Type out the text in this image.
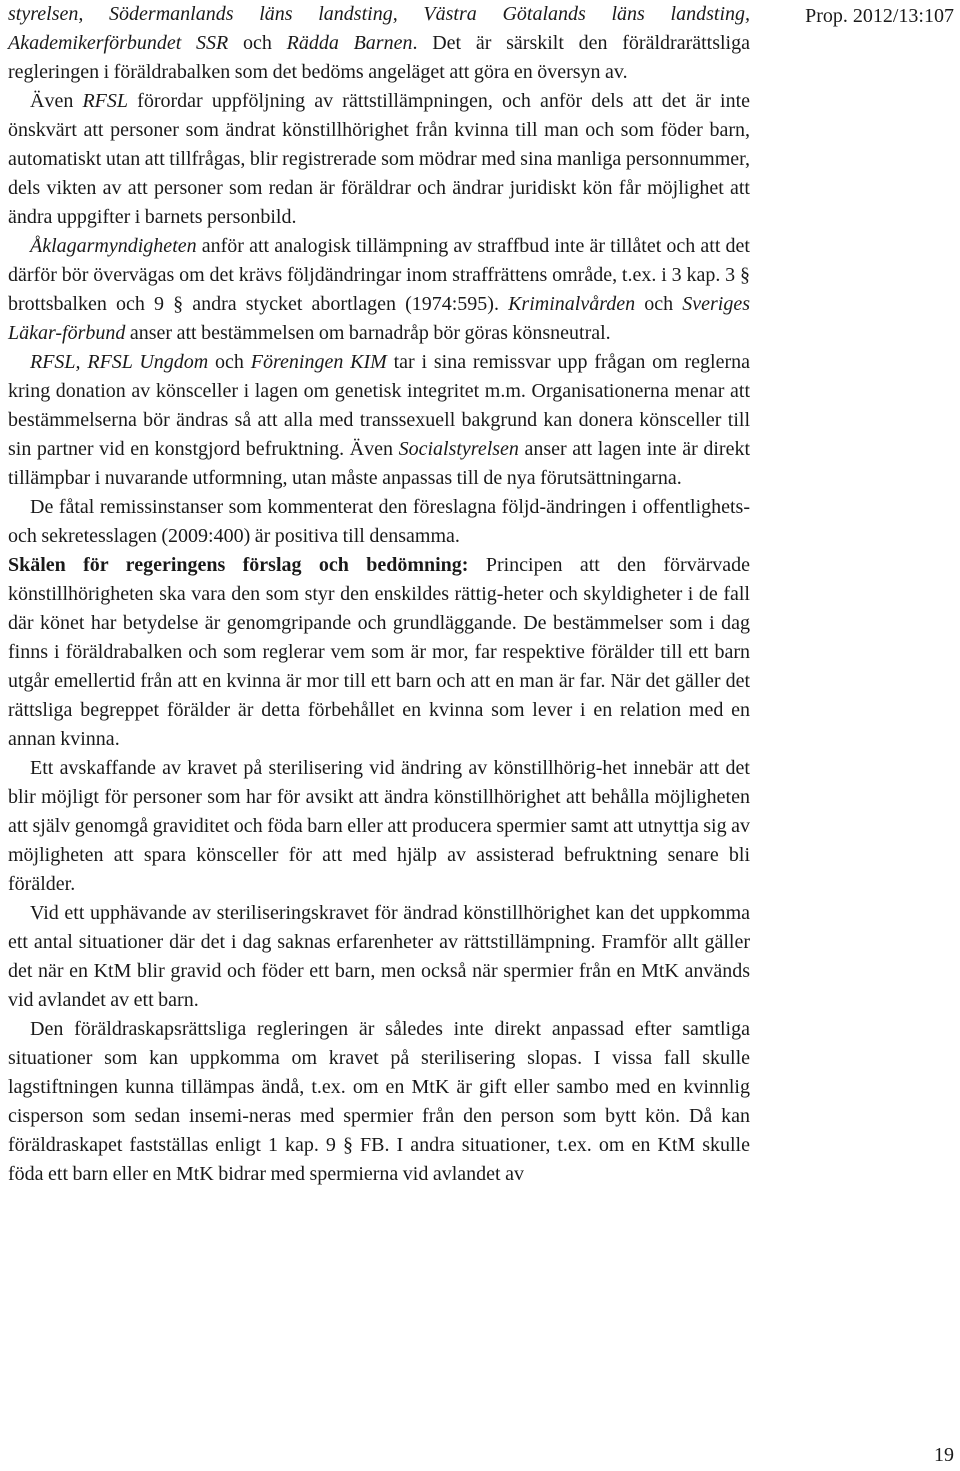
Prop. 2012/13:107

styrelsen, Södermanlands läns landsting, Västra Götalands läns landsting, Akademikerförbundet SSR och Rädda Barnen. Det är särskilt den föräldrarättsliga regleringen i föräldrabalken som det bedöms angeläget att göra en översyn av.

Även RFSL förordar uppföljning av rättstillämpningen, och anför dels att det är inte önskvärt att personer som ändrat könstillhörighet från kvinna till man och som föder barn, automatiskt utan att tillfrågas, blir registrerade som mödrar med sina manliga personnummer, dels vikten av att personer som redan är föräldrar och ändrar juridiskt kön får möjlighet att ändra uppgifter i barnets personbild.

Åklagarmyndigheten anför att analogisk tillämpning av straffbud inte är tillåtet och att det därför bör övervägas om det krävs följdändringar inom straffrättens område, t.ex. i 3 kap. 3 § brottsbalken och 9 § andra stycket abortlagen (1974:595). Kriminalvården och Sveriges Läkar-förbund anser att bestämmelsen om barnadråp bör göras könsneutral.

RFSL, RFSL Ungdom och Föreningen KIM tar i sina remissvar upp frågan om reglerna kring donation av könsceller i lagen om genetisk integritet m.m. Organisationerna menar att bestämmelserna bör ändras så att alla med transsexuell bakgrund kan donera könsceller till sin partner vid en konstgjord befruktning. Även Socialstyrelsen anser att lagen inte är direkt tillämpbar i nuvarande utformning, utan måste anpassas till de nya förutsättningarna.

De fåtal remissinstanser som kommenterat den föreslagna följd-ändringen i offentlighets- och sekretesslagen (2009:400) är positiva till densamma.

Skälen för regeringens förslag och bedömning: Principen att den förvärvade könstillhörigheten ska vara den som styr den enskildes rättig-heter och skyldigheter i de fall där könet har betydelse är genomgripande och grundläggande. De bestämmelser som i dag finns i föräldrabalken och som reglerar vem som är mor, far respektive förälder till ett barn utgår emellertid från att en kvinna är mor till ett barn och att en man är far. När det gäller det rättsliga begreppet förälder är detta förbehållet en kvinna som lever i en relation med en annan kvinna.

Ett avskaffande av kravet på sterilisering vid ändring av könstillhörig-het innebär att det blir möjligt för personer som har för avsikt att ändra könstillhörighet att behålla möjligheten att själv genomgå graviditet och föda barn eller att producera spermier samt att utnyttja sig av möjligheten att spara könsceller för att med hjälp av assisterad befruktning senare bli förälder.

Vid ett upphävande av steriliseringskravet för ändrad könstillhörighet kan det uppkomma ett antal situationer där det i dag saknas erfarenheter av rättstillämpning. Framför allt gäller det när en KtM blir gravid och föder ett barn, men också när spermier från en MtK används vid avlandet av ett barn.

Den föräldraskapsrättsliga regleringen är således inte direkt anpassad efter samtliga situationer som kan uppkomma om kravet på sterilisering slopas. I vissa fall skulle lagstiftningen kunna tillämpas ändå, t.ex. om en MtK är gift eller sambo med en kvinnlig cisperson som sedan insemi-neras med spermier från den person som bytt kön. Då kan föräldraskapet fastställas enligt 1 kap. 9 § FB. I andra situationer, t.ex. om en KtM skulle föda ett barn eller en MtK bidrar med spermierna vid avlandet av

19
